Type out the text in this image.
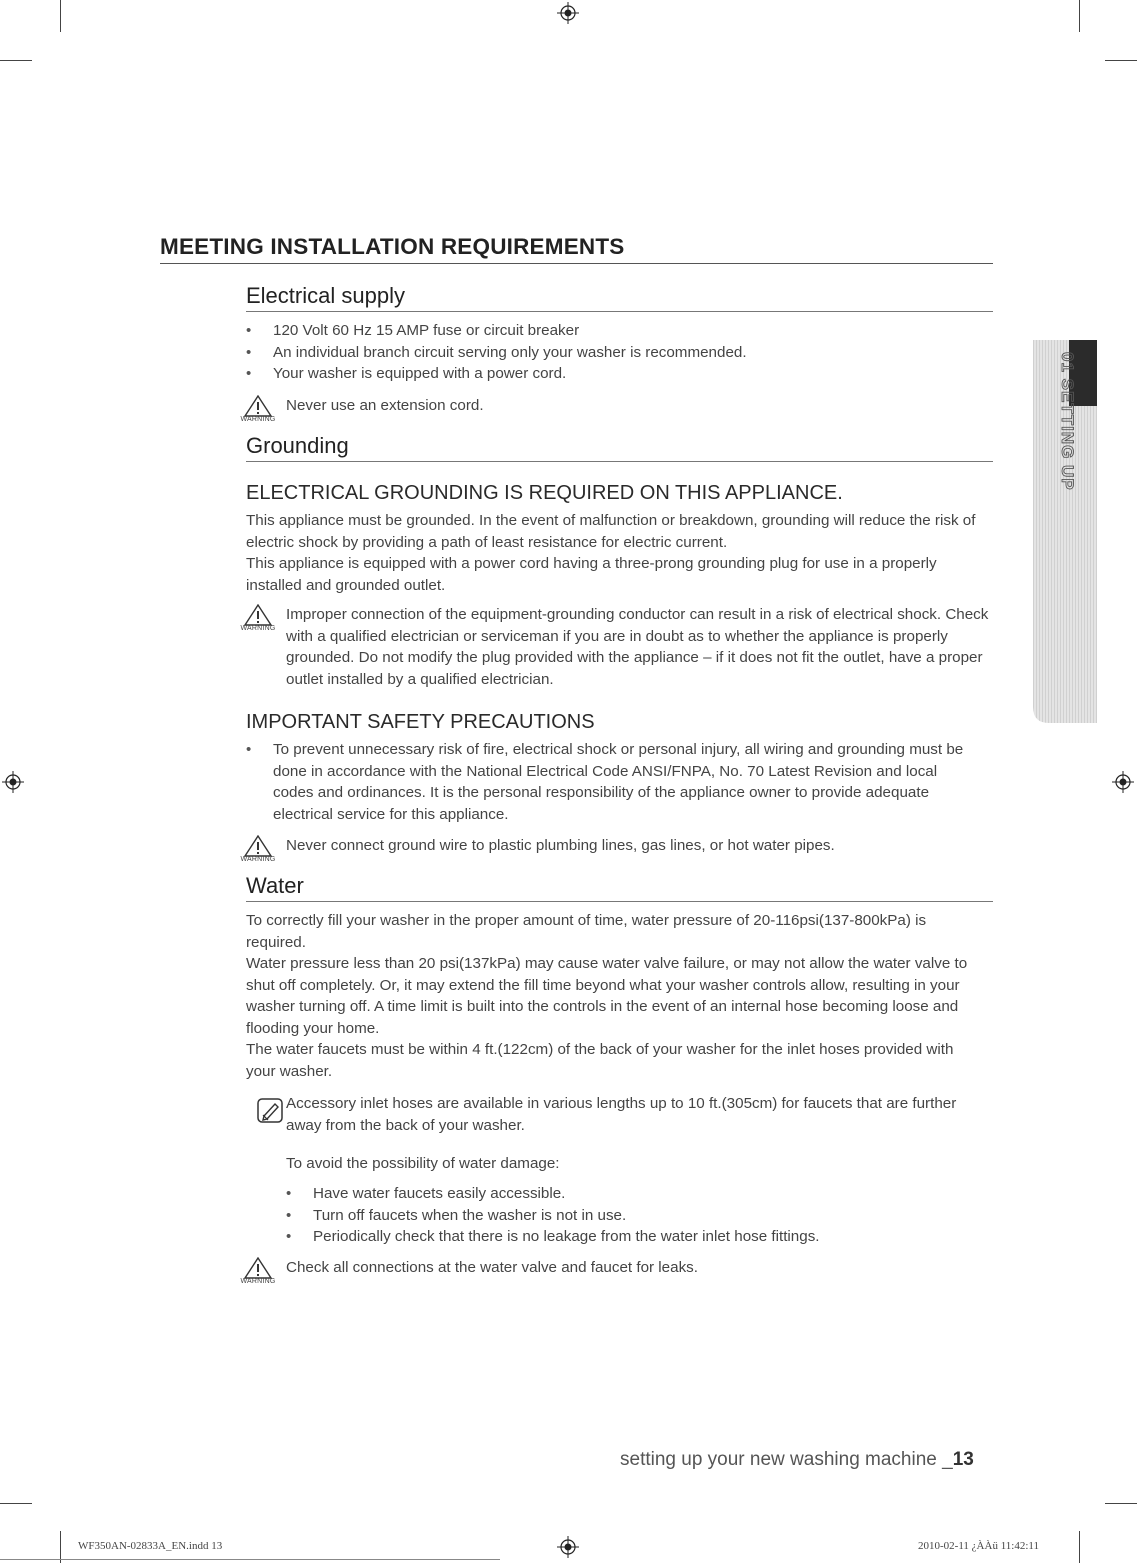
01 SETTING UP
MEETING INSTALLATION REQUIREMENTS
Electrical supply
• 120 Volt 60 Hz 15 AMP fuse or circuit breaker
• An individual branch circuit serving only your washer is recommended.
• Your washer is equipped with a power cord.
WARNING
Never use an extension cord.
Grounding
ELECTRICAL GROUNDING IS REQUIRED ON THIS APPLIANCE.

This appliance must be grounded. In the event of malfunction or breakdown, grounding will reduce the risk of electric shock by providing a path of least resistance for electric current.

This appliance is equipped with a power cord having a three-prong grounding plug for use in a properly installed and grounded outlet.

WARNING
Improper connection of the equipment-grounding conductor can result in a risk of electrical shock. Check with a qualified electrician or serviceman if you are in doubt as to whether the appliance is properly grounded. Do not modify the plug provided with the appliance – if it does not fit the outlet, have a proper outlet installed by a qualified electrician.
IMPORTANT SAFETY PRECAUTIONS
• To prevent unnecessary risk of fire, electrical shock or personal injury, all wiring and grounding must be done in accordance with the National Electrical Code ANSI/FNPA, No. 70 Latest Revision and local codes and ordinances. It is the personal responsibility of the appliance owner to provide adequate electrical service for this appliance.
WARNING
Never connect ground wire to plastic plumbing lines, gas lines, or hot water pipes.
Water

To correctly fill your washer in the proper amount of time, water pressure of 20-116psi(137-800kPa) is required.

Water pressure less than 20 psi(137kPa) may cause water valve failure, or may not allow the water valve to shut off completely. Or, it may extend the fill time beyond what your washer controls allow, resulting in your washer turning off. A time limit is built into the controls in the event of an internal hose becoming loose and flooding your home.

The water faucets must be within 4 ft.(122cm) of the back of your washer for the inlet hoses provided with your washer.

Accessory inlet hoses are available in various lengths up to 10 ft.(305cm) for faucets that are further away from the back of your washer.
To avoid the possibility of water damage:
• Have water faucets easily accessible.
• Turn off faucets when the washer is not in use.
• Periodically check that there is no leakage from the water inlet hose fittings.
WARNING
Check all connections at the water valve and faucet for leaks.
setting up your new washing machine _13
WF350AN-02833A_EN.indd 13	2010-02-11 ¿ÀÀü 11:42:11
